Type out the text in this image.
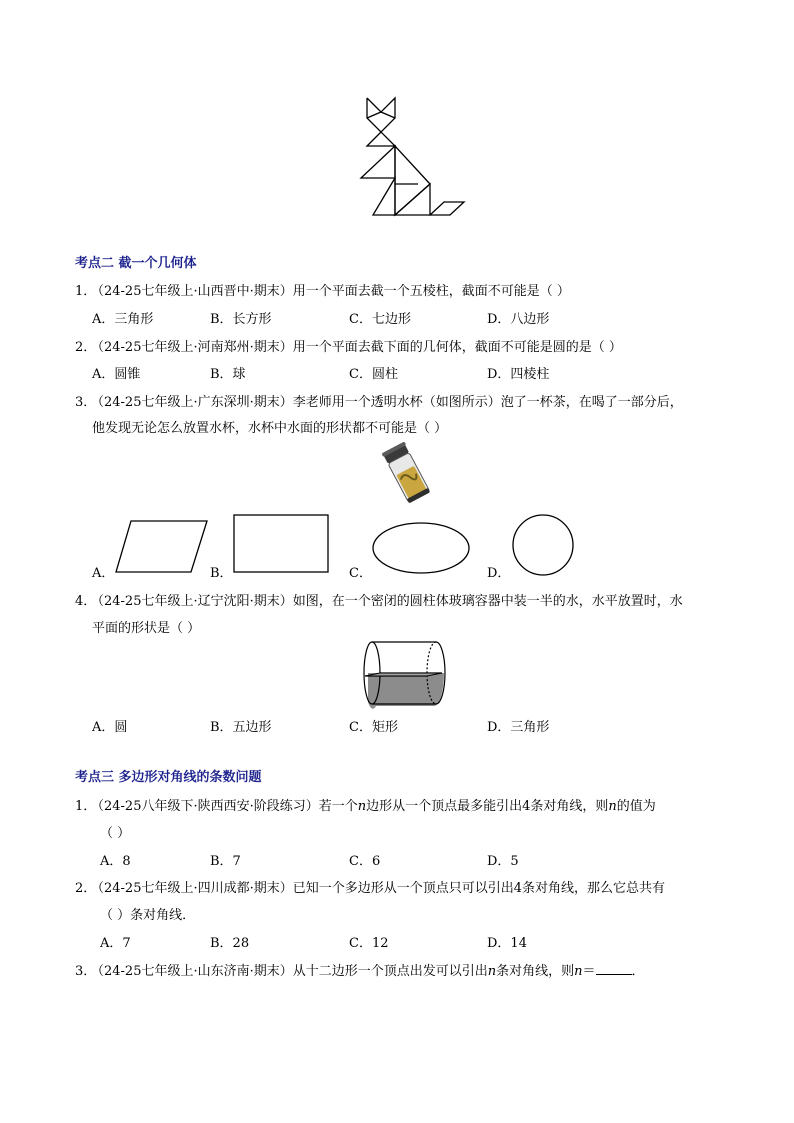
考点二 截一个几何体
1．
（24-25七年级上·山西晋中·期末）用一个平面去截一个五棱柱，截面不可能是（ ）
A．三角形	B．长方形	C．七边形	D．八边形
2．
（24-25七年级上·河南郑州·期末）用一个平面去截下面的几何体，截面不可能是圆的是（ ）
A．圆锥	B．球	C．圆柱	D．四棱柱
3．
（24-25七年级上·广东深圳·期末）李老师用一个透明水杯（如图所示）泡了一杯茶，在喝了一部分后，
他发现无论怎么放置水杯，水杯中水面的形状都不可能是（ ）
A．	B．	C．	D．
4．
（24-25七年级上·辽宁沈阳·期末）如图，在一个密闭的圆柱体玻璃容器中装一半的水，水平放置时，水
平面的形状是（ ）
A．圆	B．五边形	C．矩形	D．三角形
考点三 多边形对角线的条数问题
1．
（24-25八年级下·陕西西安·阶段练习）若一个n边形从一个顶点最多能引出4条对角线，则n的值为
（ ）
A．8	B．7	C．6	D．5
2．
（24-25七年级上·四川成都·期末）已知一个多边形从一个顶点只可以引出4条对角线，那么它总共有
（ ）条对角线．
A．7	B．28	C．12	D．14
3．
（24-25七年级上·山东济南·期末）从十二边形一个顶点出发可以引出n条对角线，则n＝	．
